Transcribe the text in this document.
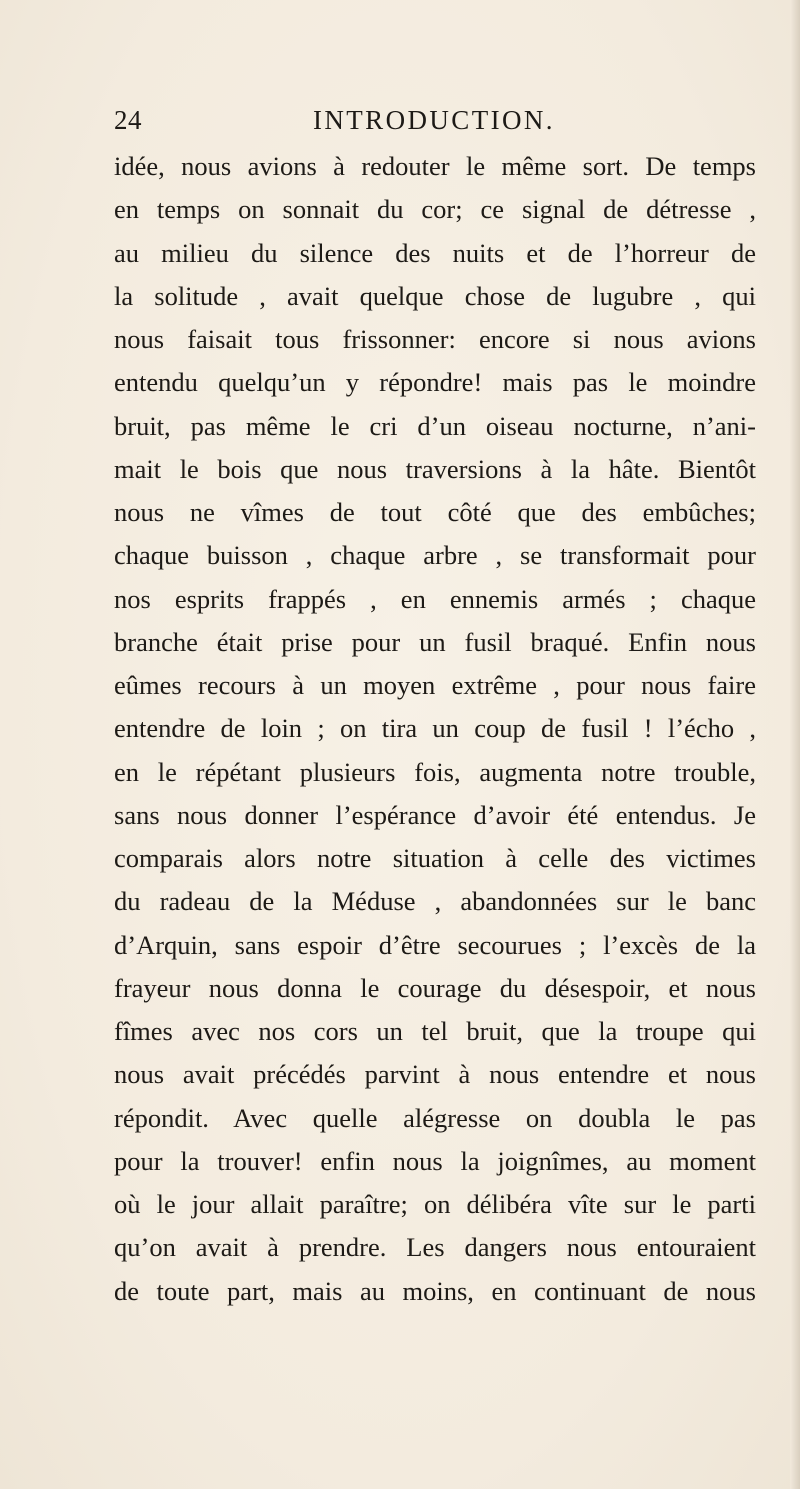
24	INTRODUCTION.
idée, nous avions à redouter le même sort. De temps
en temps on sonnait du cor; ce signal de détresse ,
au milieu du silence des nuits et de l’horreur de
la solitude , avait quelque chose de lugubre , qui
nous faisait tous frissonner: encore si nous avions
entendu quelqu’un y répondre! mais pas le moindre
bruit, pas même le cri d’un oiseau nocturne, n’ani-
mait le bois que nous traversions à la hâte. Bientôt
nous ne vîmes de tout côté que des embûches;
chaque buisson , chaque arbre , se transformait pour
nos esprits frappés , en ennemis armés ; chaque
branche était prise pour un fusil braqué. Enfin nous
eûmes recours à un moyen extrême , pour nous faire
entendre de loin ; on tira un coup de fusil ! l’écho ,
en le répétant plusieurs fois, augmenta notre trouble,
sans nous donner l’espérance d’avoir été entendus. Je
comparais alors notre situation à celle des victimes
du radeau de la Méduse , abandonnées sur le banc
d’Arquin, sans espoir d’être secourues ; l’excès de la
frayeur nous donna le courage du désespoir, et nous
fîmes avec nos cors un tel bruit, que la troupe qui
nous avait précédés parvint à nous entendre et nous
répondit. Avec quelle alégresse on doubla le pas
pour la trouver! enfin nous la joignîmes, au moment
où le jour allait paraître; on délibéra vîte sur le parti
qu’on avait à prendre. Les dangers nous entouraient
de toute part, mais au moins, en continuant de nous
